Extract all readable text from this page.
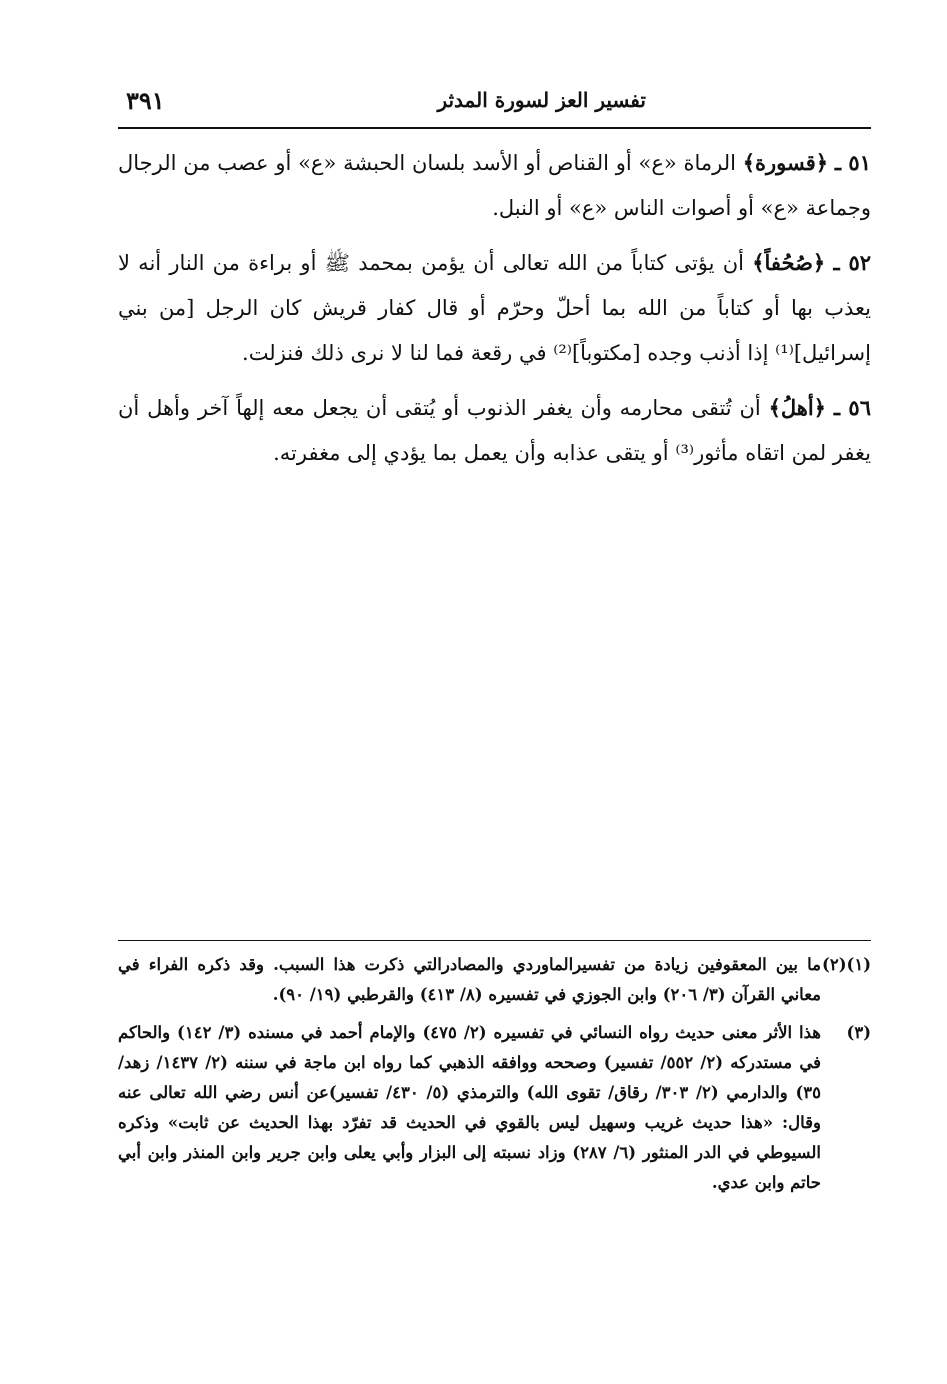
تفسير العز لسورة المدثر
٣٩١

٥١ ـ ﴿قسورة﴾ الرماة «ع» أو القناص أو الأسد بلسان الحبشة «ع» أو عصب من الرجال وجماعة «ع» أو أصوات الناس «ع» أو النبل.

٥٢ ـ ﴿صُحُفاً﴾ أن يؤتى كتاباً من الله تعالى أن يؤمن بمحمد ﷺ أو براءة من النار أنه لا يعذب بها أو كتاباً من الله بما أحلّ وحرّم أو قال كفار قريش كان الرجل [من بني إسرائيل]⁽¹⁾ إذا أذنب وجده [مكتوباً]⁽²⁾ في رقعة فما لنا لا نرى ذلك فنزلت.

٥٦ ـ ﴿أهلُ﴾ أن تُتقى محارمه وأن يغفر الذنوب أو يُتقى أن يجعل معه إلهاً آخر وأهل أن يغفر لمن اتقاه مأثور⁽³⁾ أو يتقى عذابه وأن يعمل بما يؤدي إلى مغفرته.

(١)(٢)
ما بين المعقوفين زيادة من تفسيرالماوردي والمصادرالتي ذكرت هذا السبب. وقد ذكره الفراء في معاني القرآن (٣/ ٢٠٦) وابن الجوزي في تفسيره (٨/ ٤١٣) والقرطبي (١٩/ ٩٠).
(٣)
هذا الأثر معنى حديث رواه النسائي في تفسيره (٢/ ٤٧٥) والإمام أحمد في مسنده (٣/ ١٤٢) والحاكم في مستدركه (٢/ ٥٥٢/ تفسير) وصححه ووافقه الذهبي كما رواه ابن ماجة في سننه (٢/ ١٤٣٧/ زهد/ ٣٥) والدارمي (٢/ ٣٠٣/ رقاق/ تقوى الله) والترمذي (٥/ ٤٣٠/ تفسير)عن أنس رضي الله تعالى عنه وقال: «هذا حديث غريب وسهيل ليس بالقوي في الحديث قد تفرّد بهذا الحديث عن ثابت» وذكره السيوطي في الدر المنثور (٦/ ٢٨٧) وزاد نسبته إلى البزار وأبي يعلى وابن جرير وابن المنذر وابن أبي حاتم وابن عدي.
